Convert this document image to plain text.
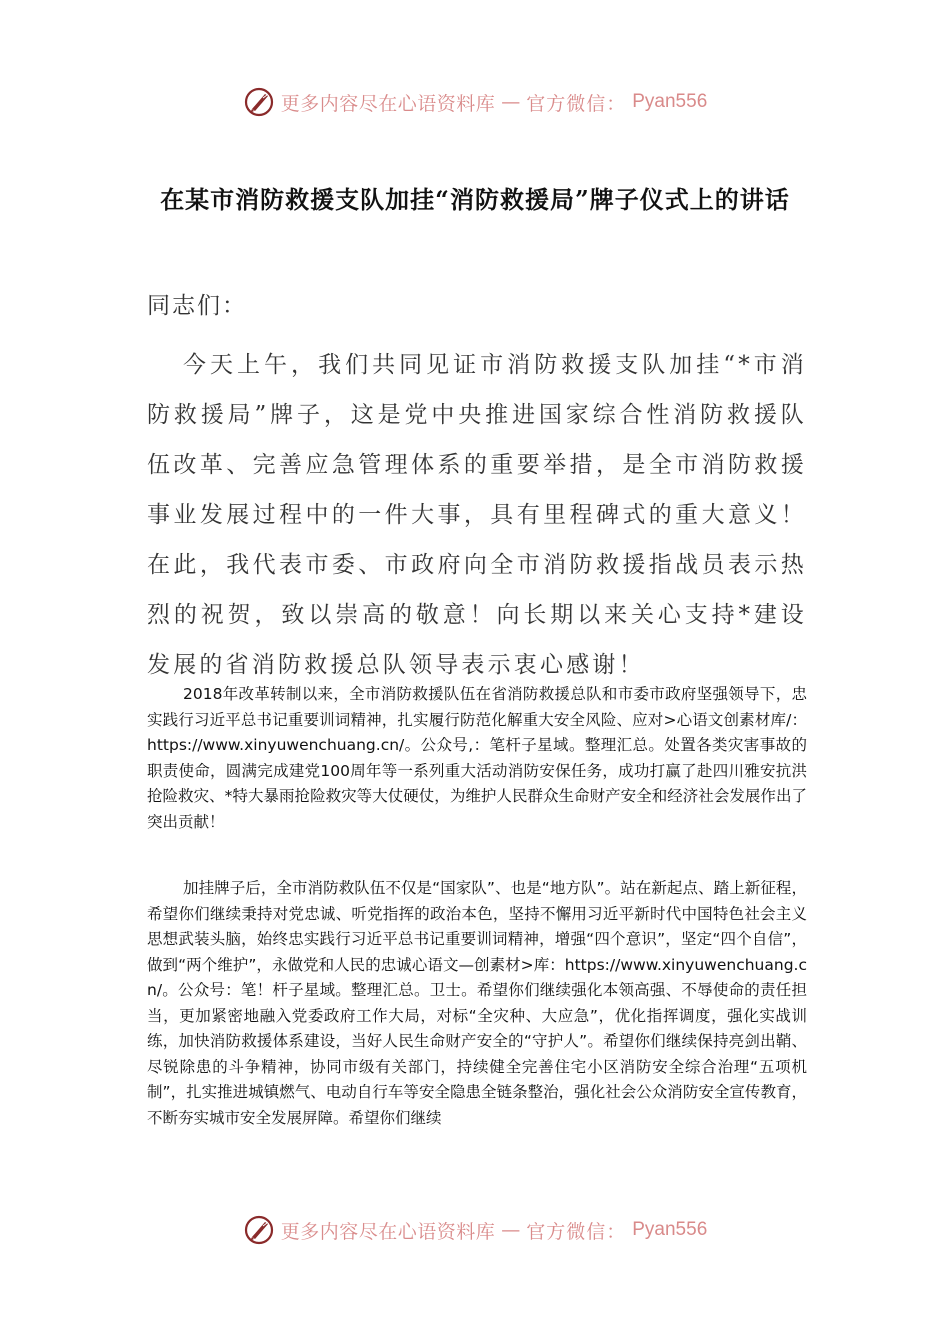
更多内容尽在心语资料库 — 官方微信： Pyan556
在某市消防救援支队加挂“消防救援局”牌子仪式上的讲话

同志们：

今天上午，我们共同见证市消防救援支队加挂“*市消防救援局”牌子，这是党中央推进国家综合性消防救援队伍改革、完善应急管理体系的重要举措，是全市消防救援事业发展过程中的一件大事，具有里程碑式的重大意义！在此，我代表市委、市政府向全市消防救援指战员表示热烈的祝贺，致以崇高的敬意！向长期以来关心支持*建设发展的省消防救援总队领导表示衷心感谢！

2018年改革转制以来，全市消防救援队伍在省消防救援总队和市委市政府坚强领导下，忠实践行习近平总书记重要训词精神，扎实履行防范化解重大安全风险、应对>心语文创素材库/：https://www.xinyuwenchuang.cn/。公众号,：笔杆子星域。整理汇总。处置各类灾害事故的职责使命，圆满完成建党100周年等一系列重大活动消防安保任务，成功打赢了赴四川雅安抗洪抢险救灾、*特大暴雨抢险救灾等大仗硬仗，为维护人民群众生命财产安全和经济社会发展作出了突出贡献！

加挂牌子后，全市消防救队伍不仅是“国家队”、也是“地方队”。站在新起点、踏上新征程，希望你们继续秉持对党忠诚、听党指挥的政治本色，坚持不懈用习近平新时代中国特色社会主义思想武装头脑，始终忠实践行习近平总书记重要训词精神，增强“四个意识”，坚定“四个自信”，做到“两个维护”，永做党和人民的忠诚心语文—创素材>库：https://www.xinyuwenchuang.cn/。公众号：笔！杆子星域。整理汇总。卫士。希望你们继续强化本领高强、不辱使命的责任担当，更加紧密地融入党委政府工作大局，对标“全灾种、大应急”，优化指挥调度，强化实战训练，加快消防救援体系建设，当好人民生命财产安全的“守护人”。希望你们继续保持亮剑出鞘、尽锐除患的斗争精神，协同市级有关部门，持续健全完善住宅小区消防安全综合治理“五项机制”，扎实推进城镇燃气、电动自行车等安全隐患全链条整治，强化社会公众消防安全宣传教育，不断夯实城市安全发展屏障。希望你们继续

更多内容尽在心语资料库 — 官方微信： Pyan556
